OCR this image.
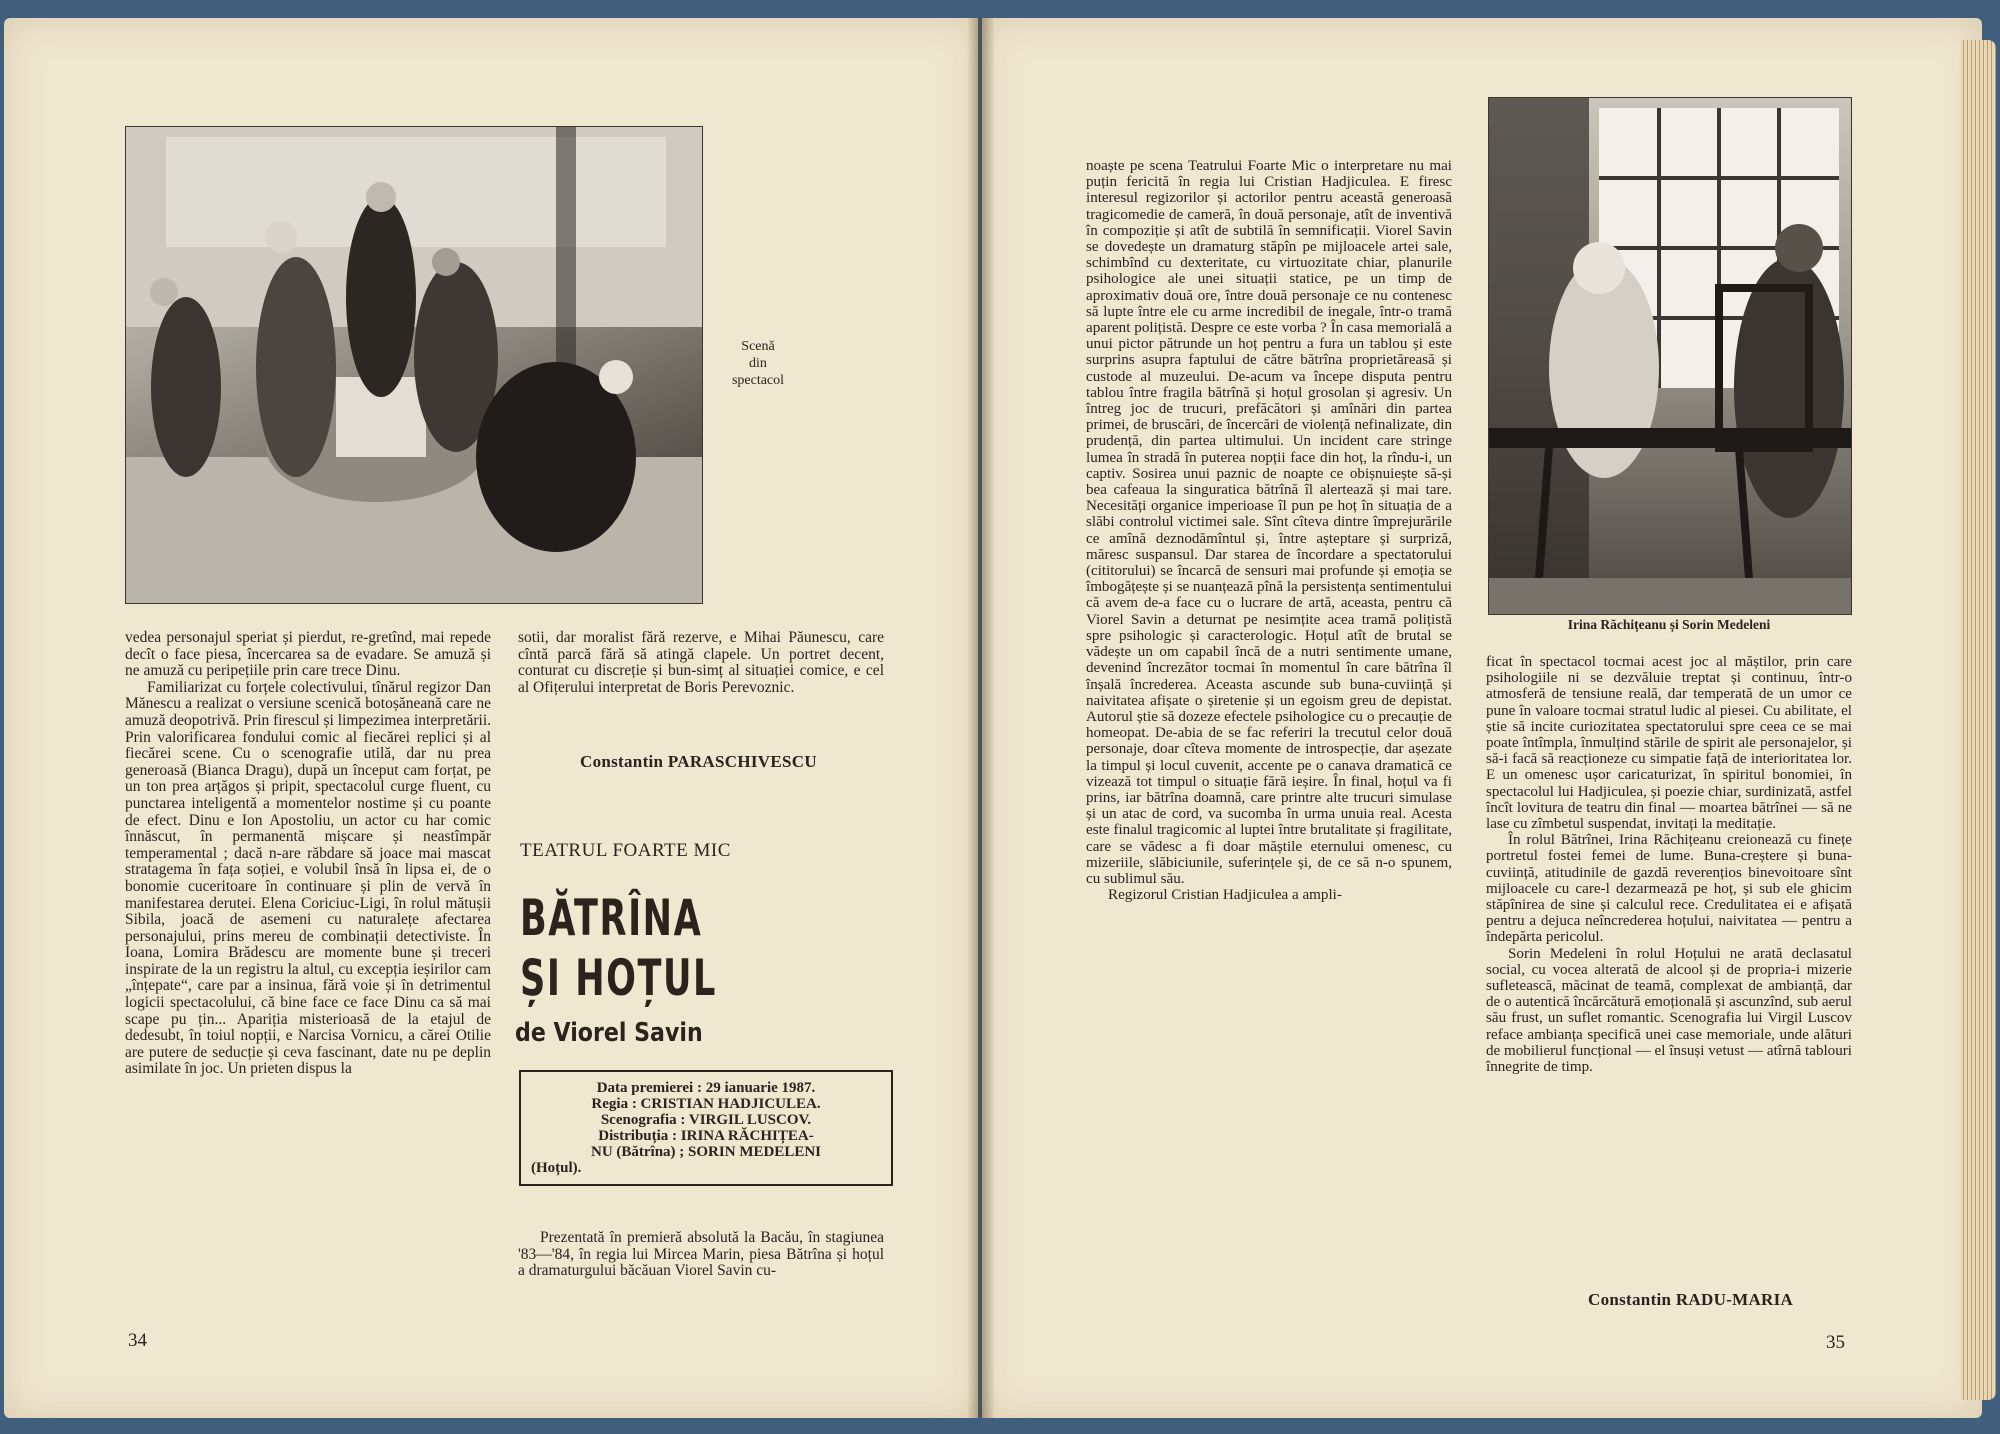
Scenă
din
spectacol

vedea personajul speriat și pierdut, re-gretînd, mai repede decît o face piesa, încercarea sa de evadare. Se amuză și ne amuză cu peripețiile prin care trece Dinu.

Familiarizat cu forțele colectivului, tînărul regizor Dan Mănescu a realizat o versiune scenică botoșăneană care ne amuză deopotrivă. Prin firescul și limpezimea interpretării. Prin valorificarea fondului comic al fiecărei replici și al fiecărei scene. Cu o scenografie utilă, dar nu prea generoasă (Bianca Dragu), după un început cam forțat, pe un ton prea arțăgos și pripit, spectacolul curge fluent, cu punctarea inteligentă a momentelor nostime și cu poante de efect. Dinu e Ion Apostoliu, un actor cu har comic înnăscut, în permanentă mișcare și neastîmpăr temperamental ; dacă n-are răbdare să joace mai mascat stratagema în fața soției, e volubil însă în lipsa ei, de o bonomie cuceritoare în continuare și plin de vervă în manifestarea derutei. Elena Coriciuc-Ligi, în rolul mătușii Sibila, joacă de asemeni cu naturalețe afectarea personajului, prins mereu de combinații detectiviste. În Ioana, Lomira Brădescu are momente bune și treceri inspirate de la un registru la altul, cu excepția ieșirilor cam „înțepate“, care par a insinua, fără voie și în detrimentul logicii spectacolului, că bine face ce face Dinu ca să mai scape pu țin... Apariția misterioasă de la etajul de dedesubt, în toiul nopții, e Narcisa Vornicu, a cărei Otilie are putere de seducție și ceva fascinant, date nu pe deplin asimilate în joc. Un prieten dispus la

sotii, dar moralist fără rezerve, e Mihai Păunescu, care cîntă parcă fără să atingă clapele. Un portret decent, conturat cu discreție și bun-simț al situației comice, e cel al Ofițerului interpretat de Boris Perevoznic.

Constantin PARASCHIVESCU
TEATRUL FOARTE MIC
BĂTRÎNA
ȘI HOȚUL
de Viorel Savin
Data premierei : 29 ianuarie 1987.
Regia : CRISTIAN HADJICULEA.
Scenografia : VIRGIL LUSCOV.
Distribuția : IRINA RĂCHIȚEA-
NU (Bătrîna) ; SORIN MEDELENI
(Hoțul).

Prezentată în premieră absolută la Bacău, în stagiunea '83—'84, în regia lui Mircea Marin, piesa Bătrîna și hoțul a dramaturgului băcăuan Viorel Savin cu-

34

noaște pe scena Teatrului Foarte Mic o interpretare nu mai puțin fericită în regia lui Cristian Hadjiculea. E firesc interesul regizorilor și actorilor pentru această generoasă tragicomedie de cameră, în două personaje, atît de inventivă în compoziție și atît de subtilă în semnificații. Viorel Savin se dovedește un dramaturg stăpîn pe mijloacele artei sale, schimbînd cu dexteritate, cu virtuozitate chiar, planurile psihologice ale unei situații statice, pe un timp de aproximativ două ore, între două personaje ce nu contenesc să lupte între ele cu arme incredibil de inegale, într-o tramă aparent polițistă. Despre ce este vorba ? În casa memorială a unui pictor pătrunde un hoț pentru a fura un tablou și este surprins asupra faptului de către bătrîna proprietăreasă și custode al muzeului. De-acum va începe disputa pentru tablou între fragila bătrînă și hoțul grosolan și agresiv. Un întreg joc de trucuri, prefăcători și amînări din partea primei, de bruscări, de încercări de violență nefinalizate, din prudență, din partea ultimului. Un incident care stringe lumea în stradă în puterea nopții face din hoț, la rîndu-i, un captiv. Sosirea unui paznic de noapte ce obișnuiește să-și bea cafeaua la singuratica bătrînă îl alertează și mai tare. Necesități organice imperioase îl pun pe hoț în situația de a slăbi controlul victimei sale. Sînt cîteva dintre împrejurările ce amînă deznodămîntul și, între așteptare și surpriză, măresc suspansul. Dar starea de încordare a spectatorului (cititorului) se încarcă de sensuri mai profunde și emoția se îmbogățește și se nuanțează pînă la persistența sentimentului că avem de-a face cu o lucrare de artă, aceasta, pentru că Viorel Savin a deturnat pe nesimțite acea tramă polițistă spre psihologic și caracterologic. Hoțul atît de brutal se vădește un om capabil încă de a nutri sentimente umane, devenind încrezător tocmai în momentul în care bătrîna îl înșală încrederea. Aceasta ascunde sub buna-cuviință și naivitatea afișate o șiretenie și un egoism greu de depistat. Autorul știe să dozeze efectele psihologice cu o precauție de homeopat. De-abia de se fac referiri la trecutul celor două personaje, doar cîteva momente de introspecție, dar așezate la timpul și locul cuvenit, accente pe o canava dramatică ce vizează tot timpul o situație fără ieșire. În final, hoțul va fi prins, iar bătrîna doamnă, care printre alte trucuri simulase și un atac de cord, va sucomba în urma unuia real. Acesta este finalul tragicomic al luptei între brutalitate și fragilitate, care se vădesc a fi doar măștile eternului omenesc, cu mizeriile, slăbiciunile, suferințele și, de ce să n-o spunem, cu sublimul său.

Regizorul Cristian Hadjiculea a ampli-

Irina Răchițeanu și Sorin Medeleni

ficat în spectacol tocmai acest joc al măștilor, prin care psihologiile ni se dezvăluie treptat și continuu, într-o atmosferă de tensiune reală, dar temperată de un umor ce pune în valoare tocmai stratul ludic al piesei. Cu abilitate, el știe să incite curiozitatea spectatorului spre ceea ce se mai poate întîmpla, înmulțind stările de spirit ale personajelor, și să-i facă să reacționeze cu simpatie față de interioritatea lor. E un omenesc ușor caricaturizat, în spiritul bonomiei, în spectacolul lui Hadjiculea, și poezie chiar, surdinizată, astfel încît lovitura de teatru din final — moartea bătrînei — să ne lase cu zîmbetul suspendat, invitați la meditație.

În rolul Bătrînei, Irina Răchițeanu creionează cu finețe portretul fostei femei de lume. Buna-creștere și buna-cuviință, atitudinile de gazdă reverențios binevoitoare sînt mijloacele cu care-l dezarmează pe hoț, și sub ele ghicim stăpînirea de sine și calculul rece. Credulitatea ei e afișată pentru a dejuca neîncrederea hoțului, naivitatea — pentru a îndepărta pericolul.

Sorin Medeleni în rolul Hoțului ne arată declasatul social, cu vocea alterată de alcool și de propria-i mizerie sufletească, măcinat de teamă, complexat de ambianță, dar de o autentică încărcătură emoțională și ascunzînd, sub aerul său frust, un suflet romantic. Scenografia lui Virgil Luscov reface ambianța specifică unei case memoriale, unde alături de mobilierul funcțional — el însuși vetust — atîrnă tablouri înnegrite de timp.

Constantin RADU-MARIA
35
